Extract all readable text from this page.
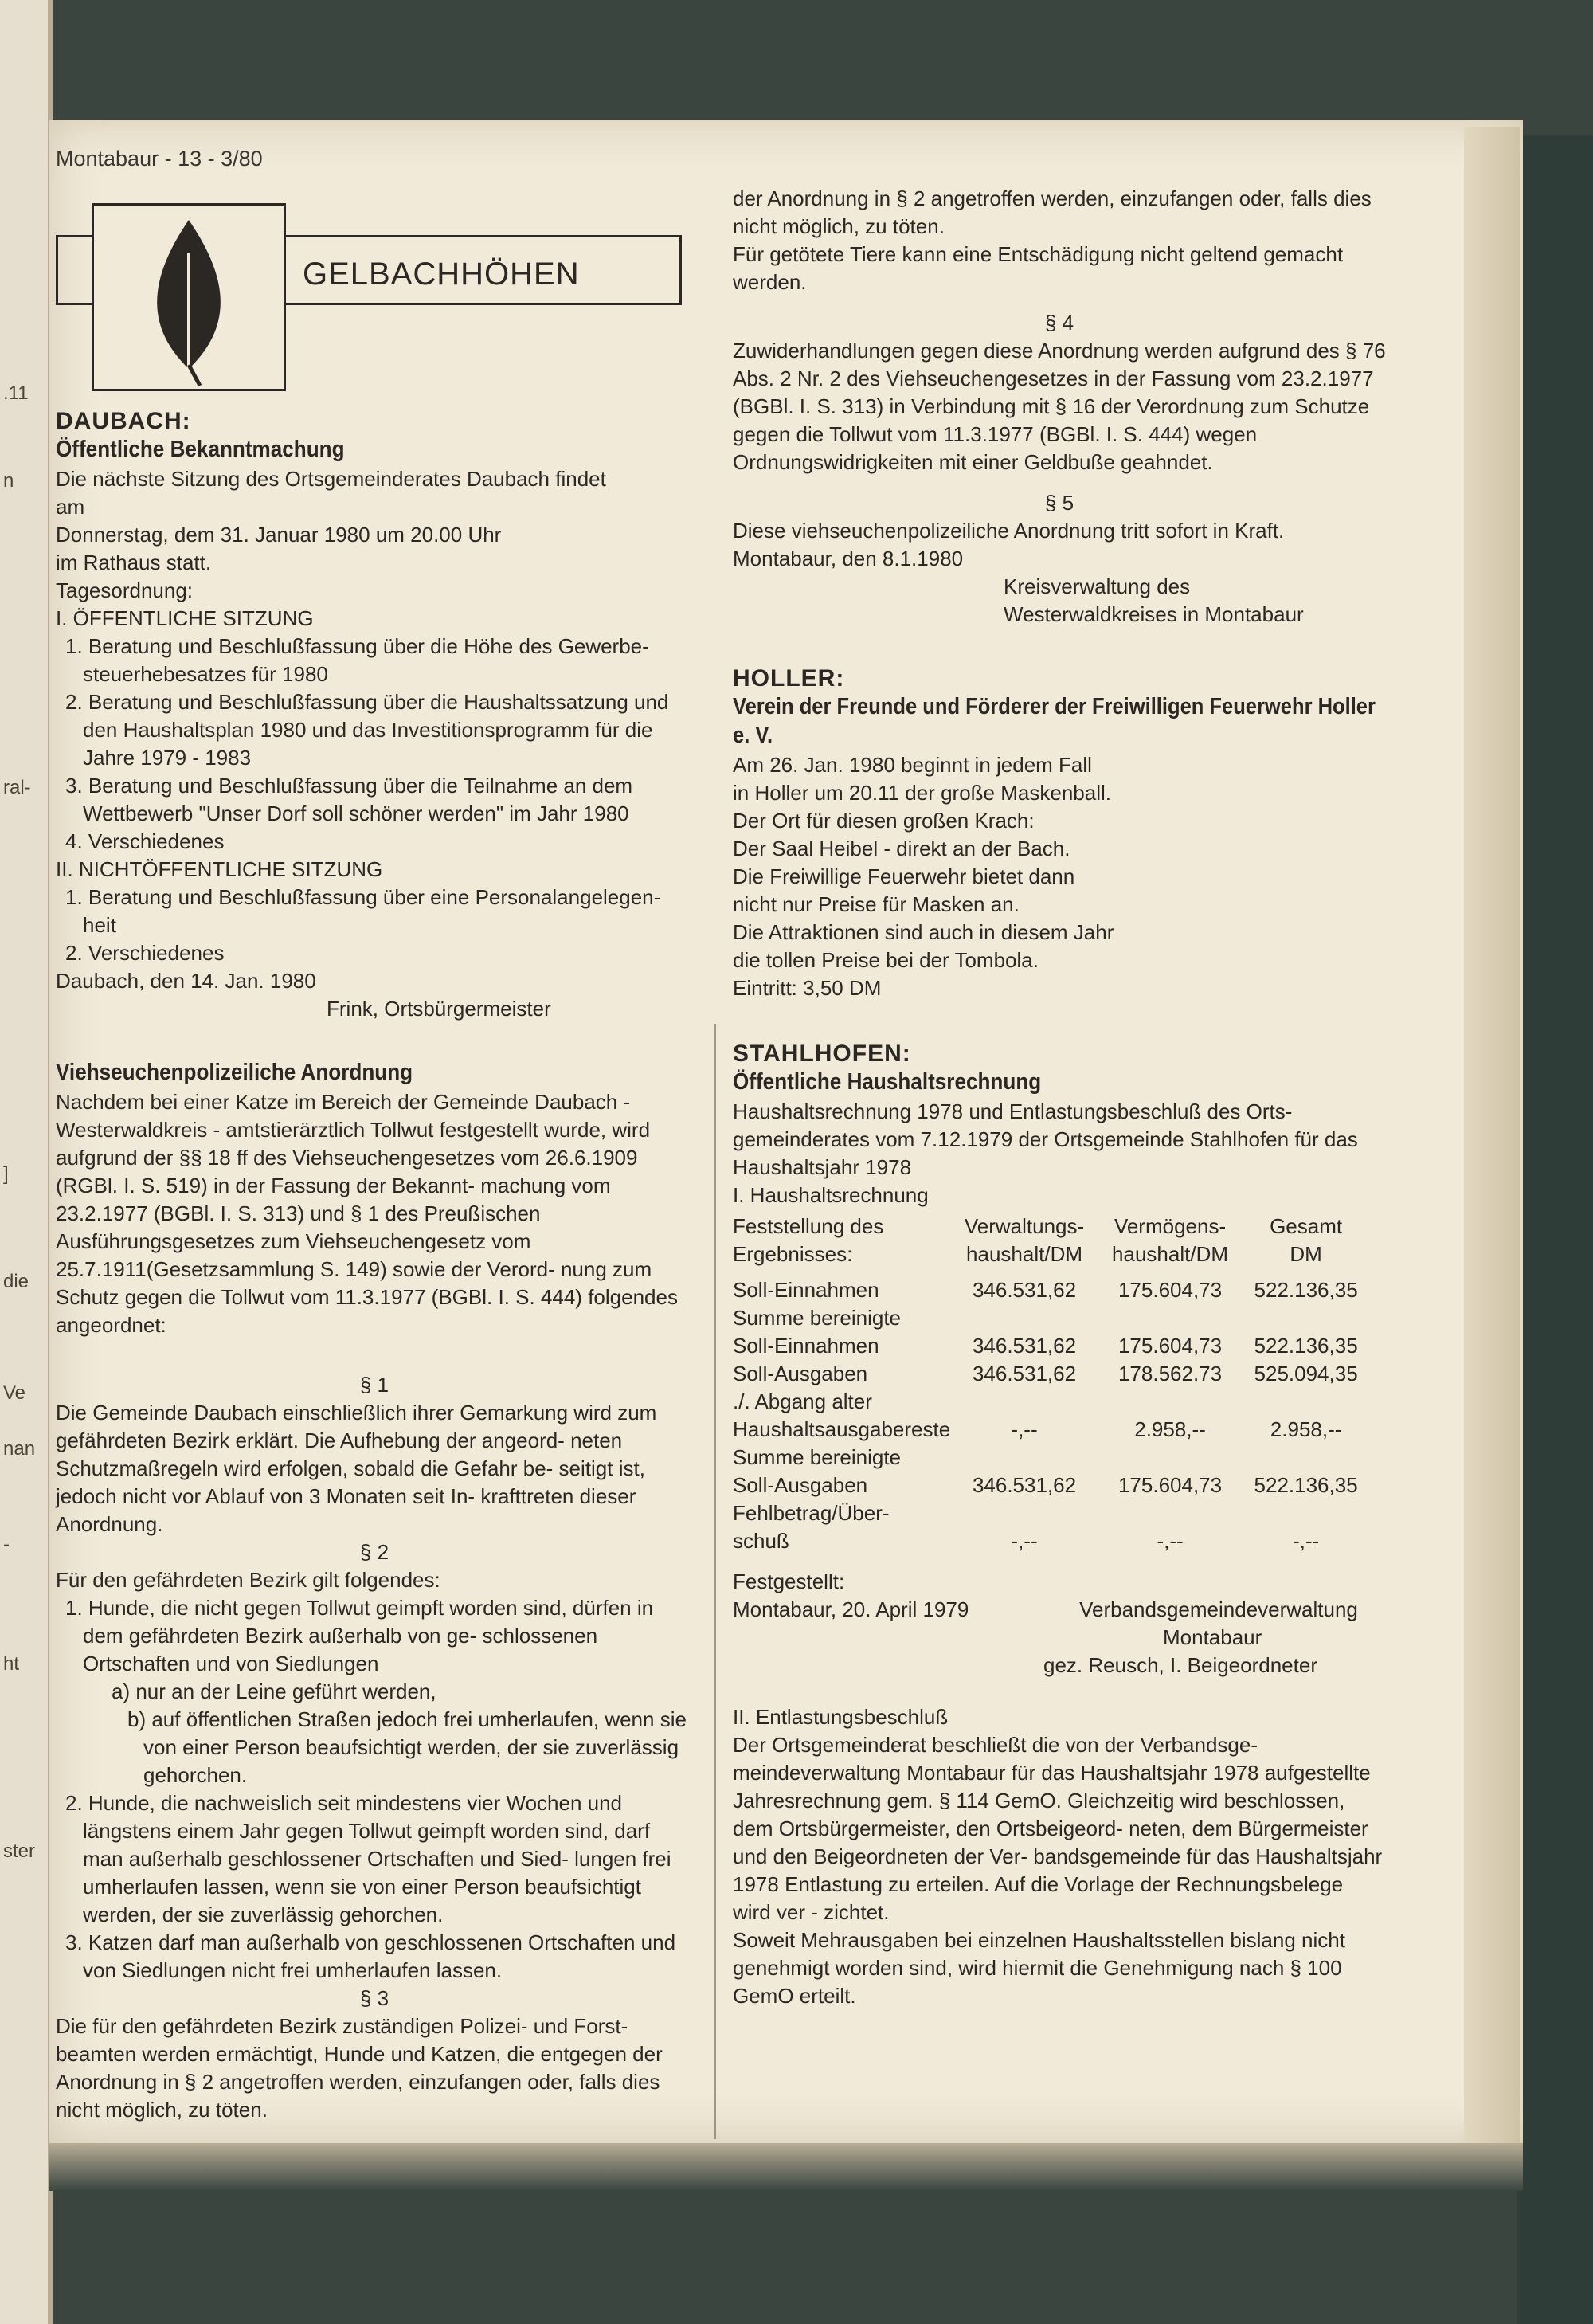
.11
n
ral-
]
die
Ve
nan
-
ht
ster
Montabaur - 13 - 3/80
GELBACHHÖHEN
DAUBACH:
Öffentliche Bekanntmachung

Die nächste Sitzung des Ortsgemeinderates Daubach findet

am

Donnerstag, dem 31. Januar 1980 um 20.00 Uhr

im Rathaus statt.

Tagesordnung:

I. ÖFFENTLICHE SITZUNG

1. Beratung und Beschlußfassung über die Höhe des Gewerbe- steuerhebesatzes für 1980

2. Beratung und Beschlußfassung über die Haushaltssatzung und den Haushaltsplan 1980 und das Investitionsprogramm für die Jahre 1979 - 1983

3. Beratung und Beschlußfassung über die Teilnahme an dem Wettbewerb "Unser Dorf soll schöner werden" im Jahr 1980

4. Verschiedenes

II. NICHTÖFFENTLICHE SITZUNG

1. Beratung und Beschlußfassung über eine Personalangelegen- heit

2. Verschiedenes

Daubach, den 14. Jan. 1980

Frink, Ortsbürgermeister

Viehseuchenpolizeiliche Anordnung

Nachdem bei einer Katze im Bereich der Gemeinde Daubach - Westerwaldkreis - amtstierärztlich Tollwut festgestellt wurde, wird aufgrund der §§ 18 ff des Viehseuchengesetzes vom 26.6.1909 (RGBl. I. S. 519) in der Fassung der Bekannt- machung vom 23.2.1977 (BGBl. I. S. 313) und § 1 des Preußischen Ausführungsgesetzes zum Viehseuchengesetz vom 25.7.1911(Gesetzsammlung S. 149) sowie der Verord- nung zum Schutz gegen die Tollwut vom 11.3.1977 (BGBl. I. S. 444) folgendes angeordnet:

§ 1

Die Gemeinde Daubach einschließlich ihrer Gemarkung wird zum gefährdeten Bezirk erklärt. Die Aufhebung der angeord- neten Schutzmaßregeln wird erfolgen, sobald die Gefahr be- seitigt ist, jedoch nicht vor Ablauf von 3 Monaten seit In- krafttreten dieser Anordnung.

§ 2

Für den gefährdeten Bezirk gilt folgendes:

1. Hunde, die nicht gegen Tollwut geimpft worden sind, dürfen in dem gefährdeten Bezirk außerhalb von ge- schlossenen Ortschaften und von Siedlungen

a) nur an der Leine geführt werden,

b) auf öffentlichen Straßen jedoch frei umherlaufen, wenn sie von einer Person beaufsichtigt werden, der sie zuverlässig gehorchen.

2. Hunde, die nachweislich seit mindestens vier Wochen und längstens einem Jahr gegen Tollwut geimpft worden sind, darf man außerhalb geschlossener Ortschaften und Sied- lungen frei umherlaufen lassen, wenn sie von einer Person beaufsichtigt werden, der sie zuverlässig gehorchen.

3. Katzen darf man außerhalb von geschlossenen Ortschaften und von Siedlungen nicht frei umherlaufen lassen.

§ 3

Die für den gefährdeten Bezirk zuständigen Polizei- und Forst- beamten werden ermächtigt, Hunde und Katzen, die entgegen der Anordnung in § 2 angetroffen werden, einzufangen oder, falls dies nicht möglich, zu töten.

der Anordnung in § 2 angetroffen werden, einzufangen oder, falls dies nicht möglich, zu töten.

Für getötete Tiere kann eine Entschädigung nicht geltend gemacht werden.

§ 4

Zuwiderhandlungen gegen diese Anordnung werden aufgrund des § 76 Abs. 2 Nr. 2 des Viehseuchengesetzes in der Fassung vom 23.2.1977 (BGBl. I. S. 313) in Verbindung mit § 16 der Verordnung zum Schutze gegen die Tollwut vom 11.3.1977 (BGBl. I. S. 444) wegen Ordnungswidrigkeiten mit einer Geldbuße geahndet.

§ 5

Diese viehseuchenpolizeiliche Anordnung tritt sofort in Kraft.

Montabaur, den 8.1.1980

Kreisverwaltung des

Westerwaldkreises in Montabaur

HOLLER:
Verein der Freunde und Förderer der Freiwilligen Feuerwehr Holler e. V.

Am 26. Jan. 1980 beginnt in jedem Fall

in Holler um 20.11 der große Maskenball.

Der Ort für diesen großen Krach:

Der Saal Heibel - direkt an der Bach.

Die Freiwillige Feuerwehr bietet dann

nicht nur Preise für Masken an.

Die Attraktionen sind auch in diesem Jahr

die tollen Preise bei der Tombola.

Eintritt: 3,50 DM

STAHLHOFEN:
Öffentliche Haushaltsrechnung

Haushaltsrechnung 1978 und Entlastungsbeschluß des Orts- gemeinderates vom 7.12.1979 der Ortsgemeinde Stahlhofen für das Haushaltsjahr 1978

I. Haushaltsrechnung

Feststellung des Ergebnisses:	Verwaltungs-	Vermögens-	Gesamt
	haushalt/DM	haushalt/DM	DM

Soll-Einnahmen	346.531,62	175.604,73	522.136,35
Summe bereinigte			
Soll-Einnahmen	346.531,62	175.604,73	522.136,35
Soll-Ausgaben	346.531,62	178.562.73	525.094,35
./. Abgang alter			
Haushaltsausgabereste	-,--	2.958,--	2.958,--
Summe bereinigte			
Soll-Ausgaben	346.531,62	175.604,73	522.136,35
Fehlbetrag/Über-			
schuß	-,--	-,--	-,--

Festgestellt:

Montabaur, 20. April 1979	Verbandsgemeindeverwaltung

Montabaur

gez. Reusch, I. Beigeordneter

II. Entlastungsbeschluß

Der Ortsgemeinderat beschließt die von der Verbandsge- meindeverwaltung Montabaur für das Haushaltsjahr 1978 aufgestellte Jahresrechnung gem. § 114 GemO. Gleichzeitig wird beschlossen, dem Ortsbürgermeister, den Ortsbeigeord- neten, dem Bürgermeister und den Beigeordneten der Ver- bandsgemeinde für das Haushaltsjahr 1978 Entlastung zu erteilen. Auf die Vorlage der Rechnungsbelege wird ver - zichtet.

Soweit Mehrausgaben bei einzelnen Haushaltsstellen bislang nicht genehmigt worden sind, wird hiermit die Genehmigung nach § 100 GemO erteilt.
